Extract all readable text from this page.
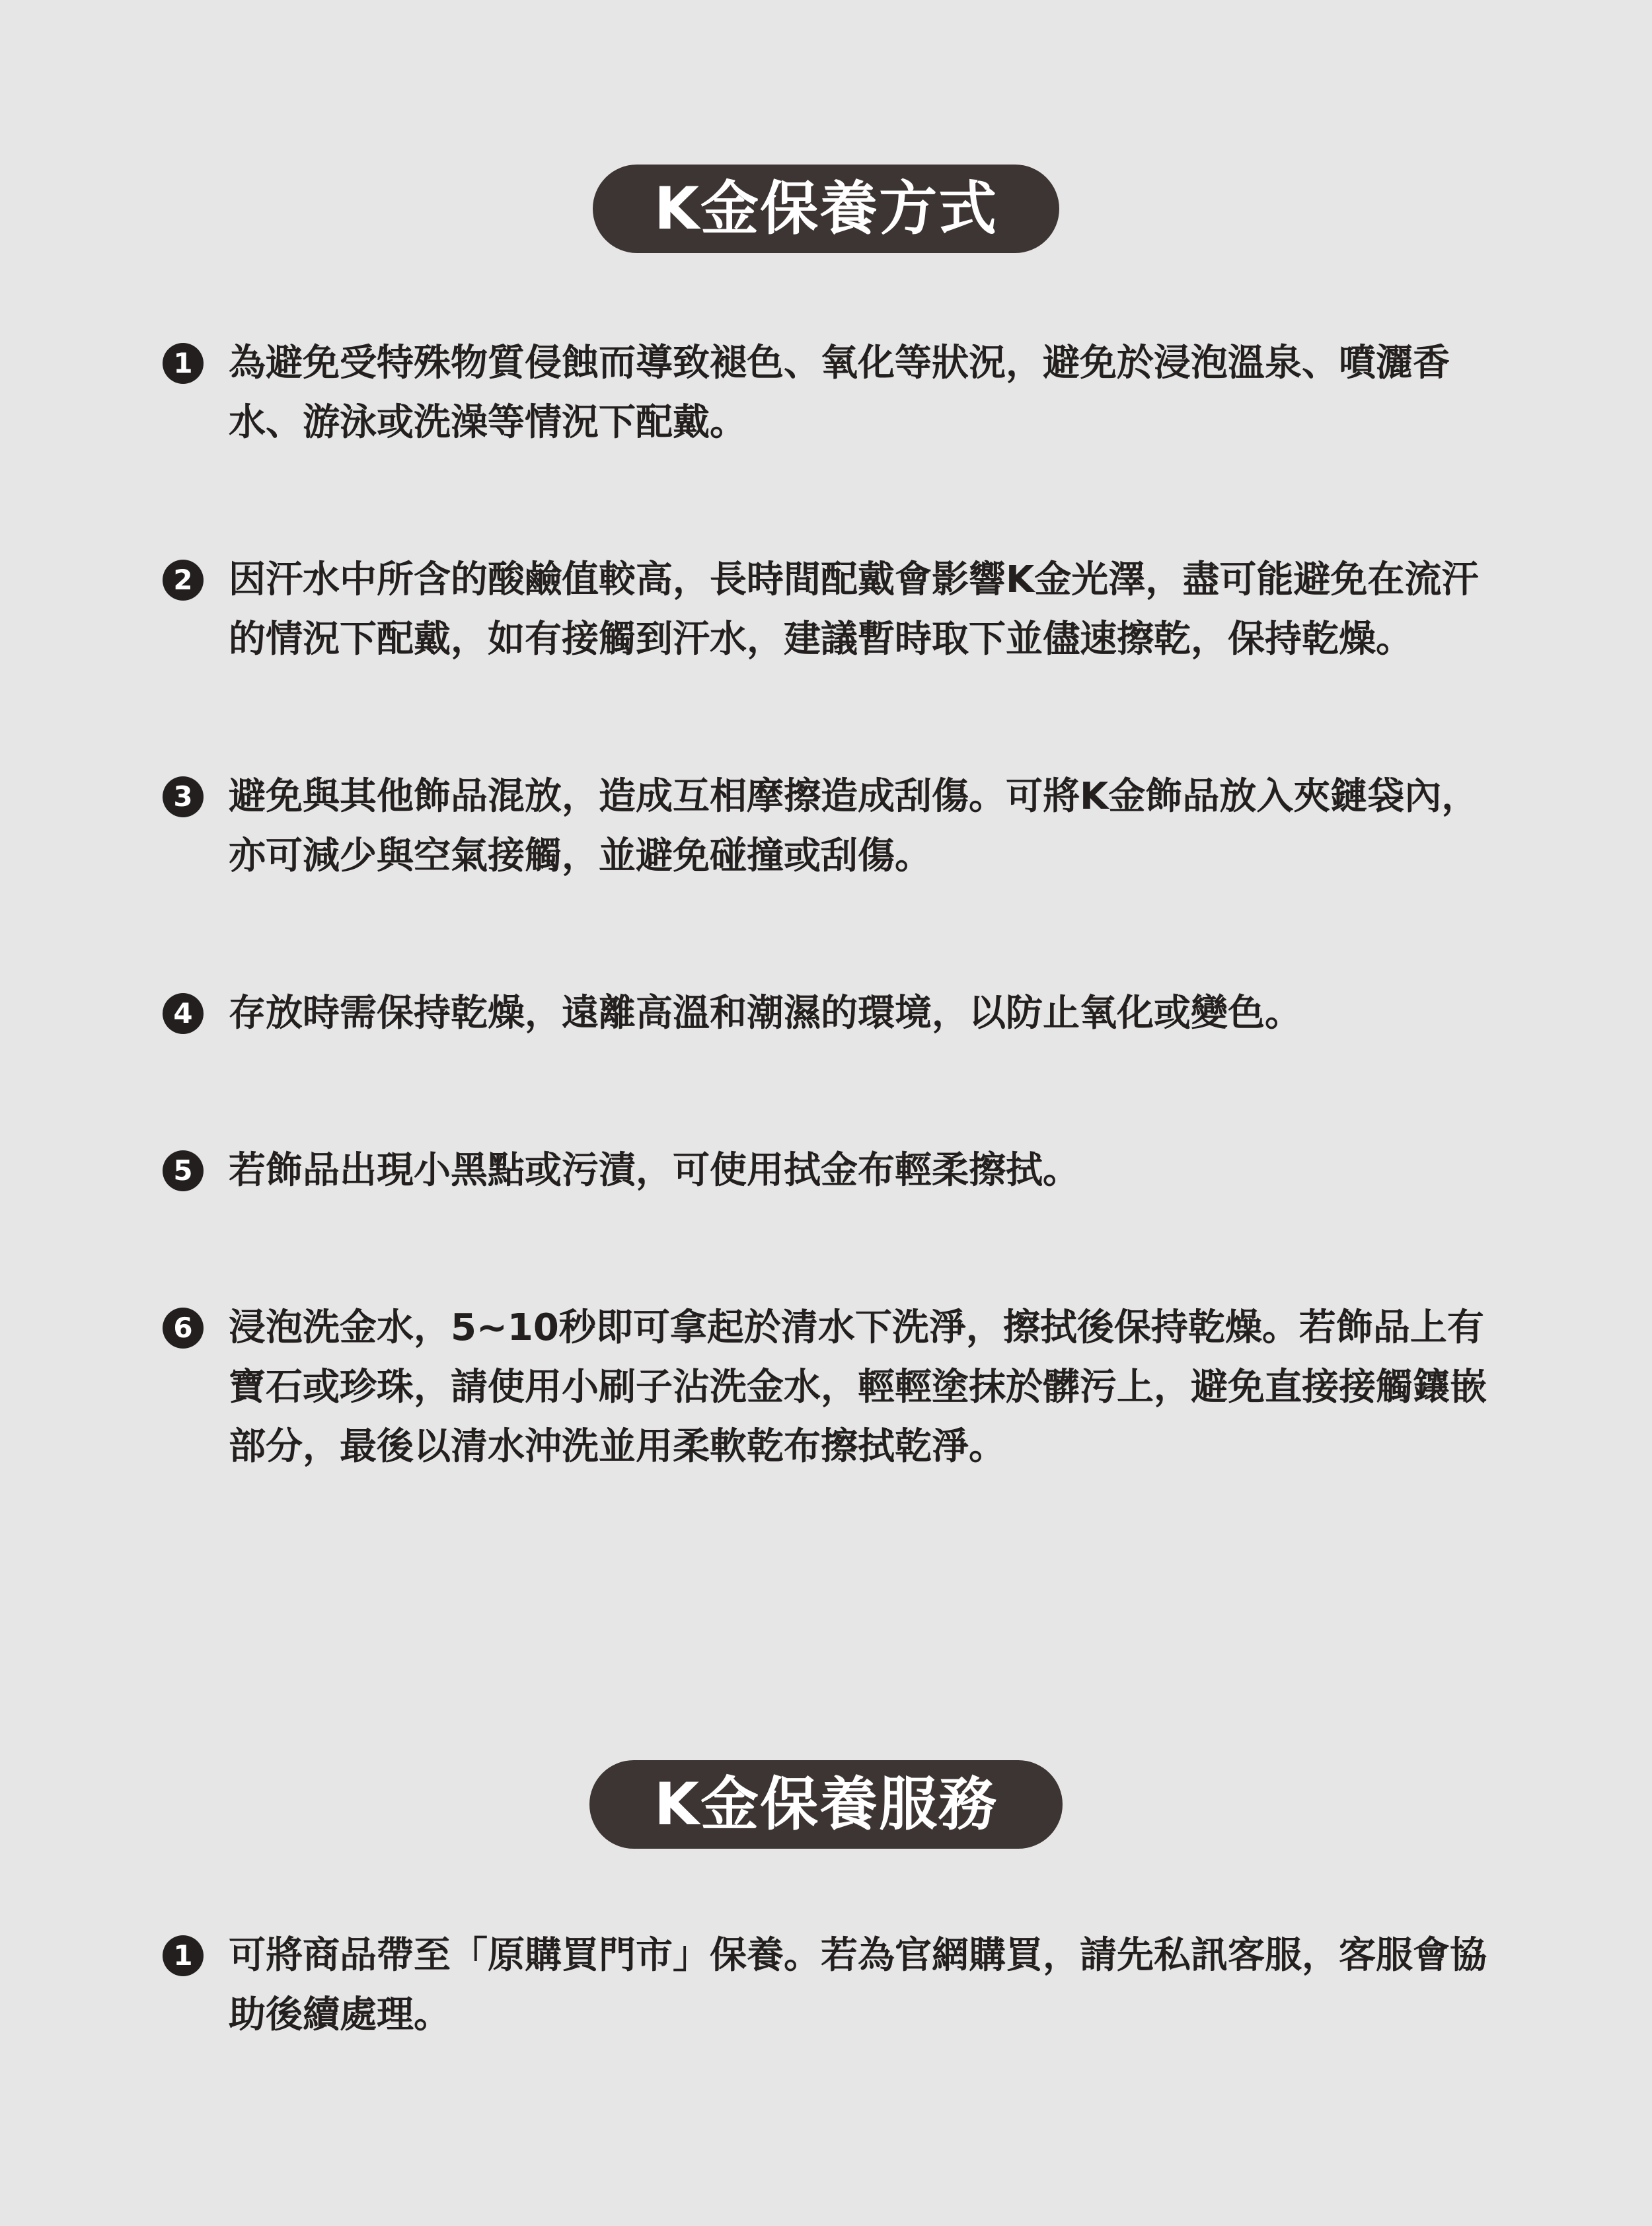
K金保養方式
1 為避免受特殊物質侵蝕而導致褪色、氧化等狀況，避免於浸泡溫泉、噴灑香水、游泳或洗澡等情況下配戴。
2 因汗水中所含的酸鹼值較高，長時間配戴會影響K金光澤，盡可能避免在流汗的情況下配戴，如有接觸到汗水，建議暫時取下並儘速擦乾，保持乾燥。
3 避免與其他飾品混放，造成互相摩擦造成刮傷。可將K金飾品放入夾鏈袋內，亦可減少與空氣接觸，並避免碰撞或刮傷。
4 存放時需保持乾燥，遠離高溫和潮濕的環境，以防止氧化或變色。
5 若飾品出現小黑點或污漬，可使用拭金布輕柔擦拭。
6 浸泡洗金水，5~10秒即可拿起於清水下洗淨，擦拭後保持乾燥。若飾品上有寶石或珍珠，請使用小刷子沾洗金水，輕輕塗抹於髒污上，避免直接接觸鑲嵌部分，最後以清水沖洗並用柔軟乾布擦拭乾淨。
K金保養服務
1 可將商品帶至「原購買門市」保養。若為官網購買，請先私訊客服，客服會協助後續處理。
